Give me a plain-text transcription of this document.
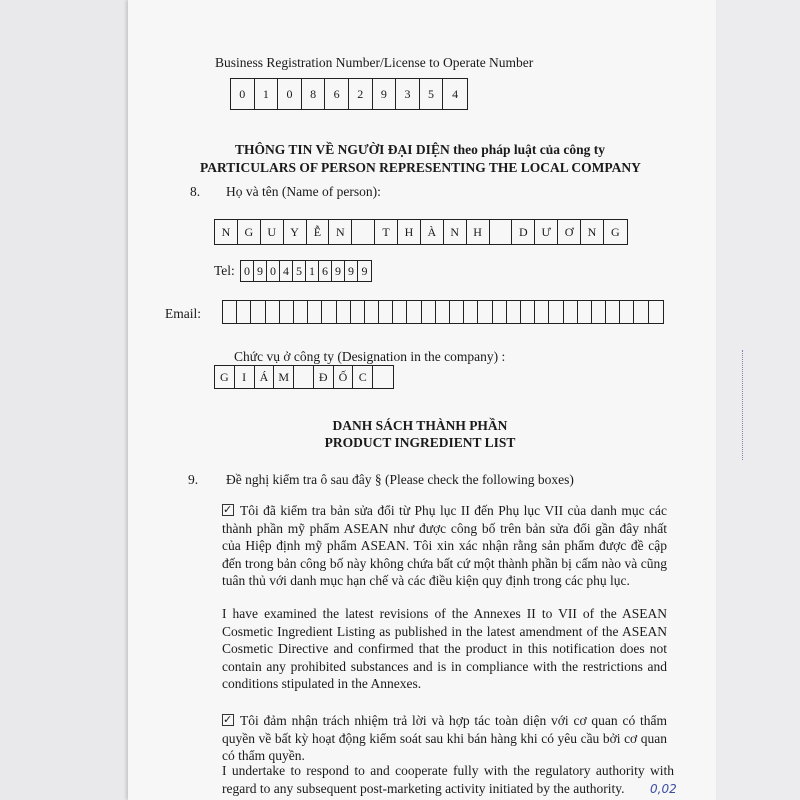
Business Registration Number/License to Operate Number
0	1	0	8	6	2	9	3	5	4
THÔNG TIN VỀ NGƯỜI ĐẠI DIỆN theo pháp luật của công ty
PARTICULARS OF PERSON REPRESENTING THE LOCAL COMPANY
8. Họ và tên (Name of person):
N	G	U	Y	Ễ	N	T	H	À	N	H	D	Ư	Ơ	N	G
Tel: 0 9 0 4 5 1 6 9 9 9
Email:
Chức vụ ở công ty (Designation in the company) :
G	I	Á M	Đ Ố C
DANH SÁCH THÀNH PHẦN
PRODUCT INGREDIENT LIST
9. Đề nghị kiểm tra ô sau đây § (Please check the following boxes)
✓Tôi đã kiểm tra bản sửa đổi từ Phụ lục II đến Phụ lục VII của danh mục các thành phần mỹ phẩm ASEAN như được công bố trên bản sửa đổi gần đây nhất của Hiệp định mỹ phẩm ASEAN. Tôi xin xác nhận rằng sản phẩm được đề cập đến trong bản công bố này không chứa bất cứ một thành phần bị cấm nào và cũng tuân thủ với danh mục hạn chế và các điều kiện quy định trong các phụ lục.
I have examined the latest revisions of the Annexes II to VII of the ASEAN Cosmetic Ingredient Listing as published in the latest amendment of the ASEAN Cosmetic Directive and confirmed that the product in this notification does not contain any prohibited substances and is in compliance with the restrictions and conditions stipulated in the Annexes.
✓Tôi đảm nhận trách nhiệm trả lời và hợp tác toàn diện với cơ quan có thẩm quyền về bất kỳ hoạt động kiểm soát sau khi bán hàng khi có yêu cầu bởi cơ quan có thẩm quyền.
I undertake to respond to and cooperate fully with the regulatory authority with regard to any subsequent post-marketing activity initiated by the authority.	0,02
